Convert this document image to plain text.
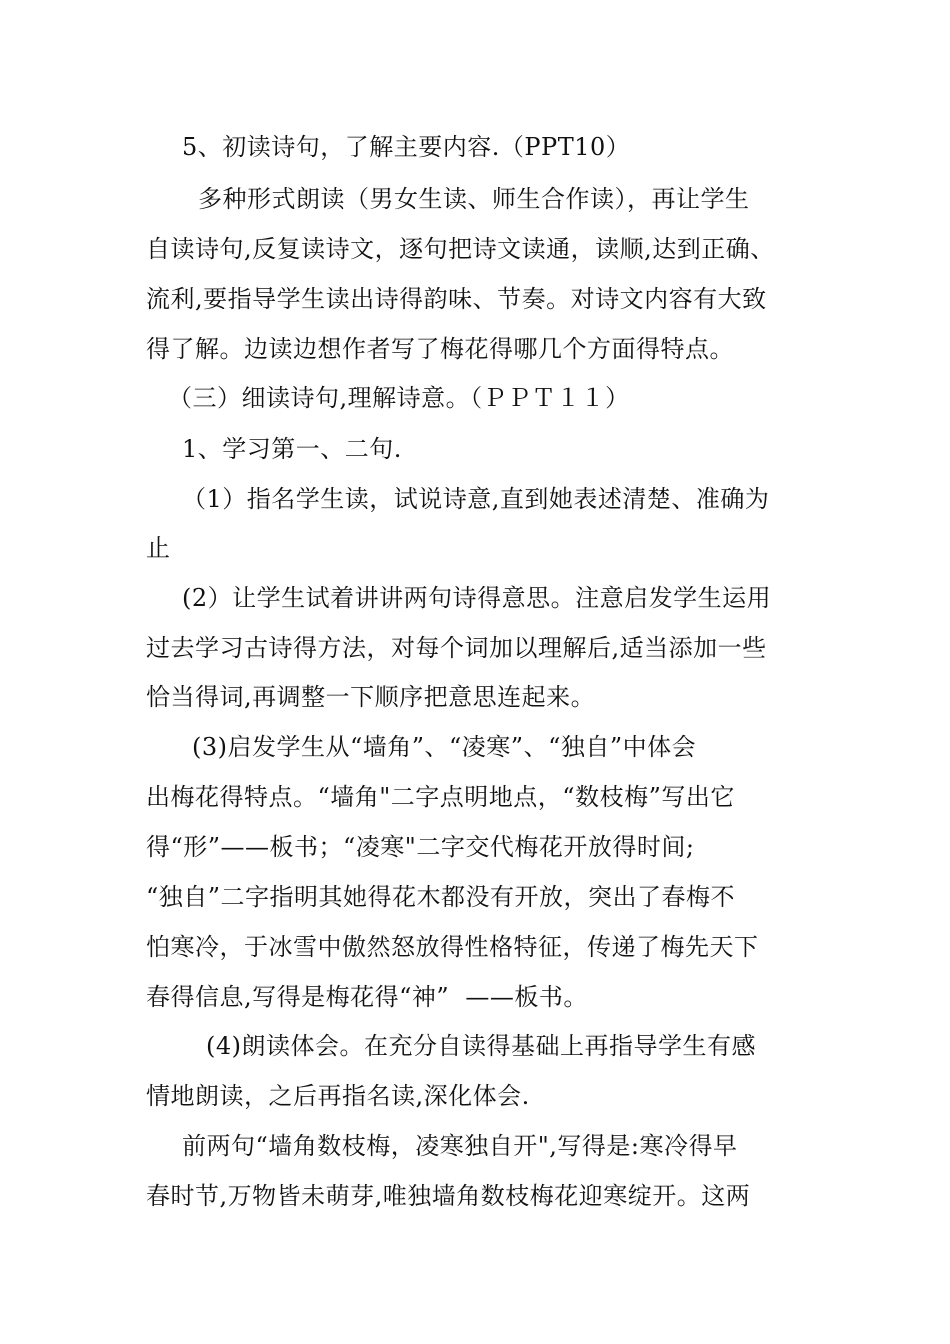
5、初读诗句，了解主要内容.（PPT10）
多种形式朗读（男女生读、师生合作读），再让学生
自读诗句,反复读诗文，逐句把诗文读通，读顺,达到正确、
流利,要指导学生读出诗得韵味、节奏。对诗文内容有大致
得了解。边读边想作者写了梅花得哪几个方面得特点。
（三）细读诗句,理解诗意。（ＰＰＴ１１）
1、学习第一、二句.
（1）指名学生读，试说诗意,直到她表述清楚、准确为
止
(2）让学生试着讲讲两句诗得意思。注意启发学生运用
过去学习古诗得方法，对每个词加以理解后,适当添加一些
恰当得词,再调整一下顺序把意思连起来。
(3)启发学生从“墙角”、“凌寒”、“独自”中体会
出梅花得特点。“墙角"二字点明地点，“数枝梅”写出它
得“形”——板书；“凌寒"二字交代梅花开放得时间;
“独自”二字指明其她得花木都没有开放，突出了春梅不
怕寒冷，于冰雪中傲然怒放得性格特征，传递了梅先天下
春得信息,写得是梅花得“神”  ——板书。
(4)朗读体会。在充分自读得基础上再指导学生有感
情地朗读，之后再指名读,深化体会.
前两句“墙角数枝梅，凌寒独自开",写得是:寒冷得早
春时节,万物皆未萌芽,唯独墙角数枝梅花迎寒绽开。这两
